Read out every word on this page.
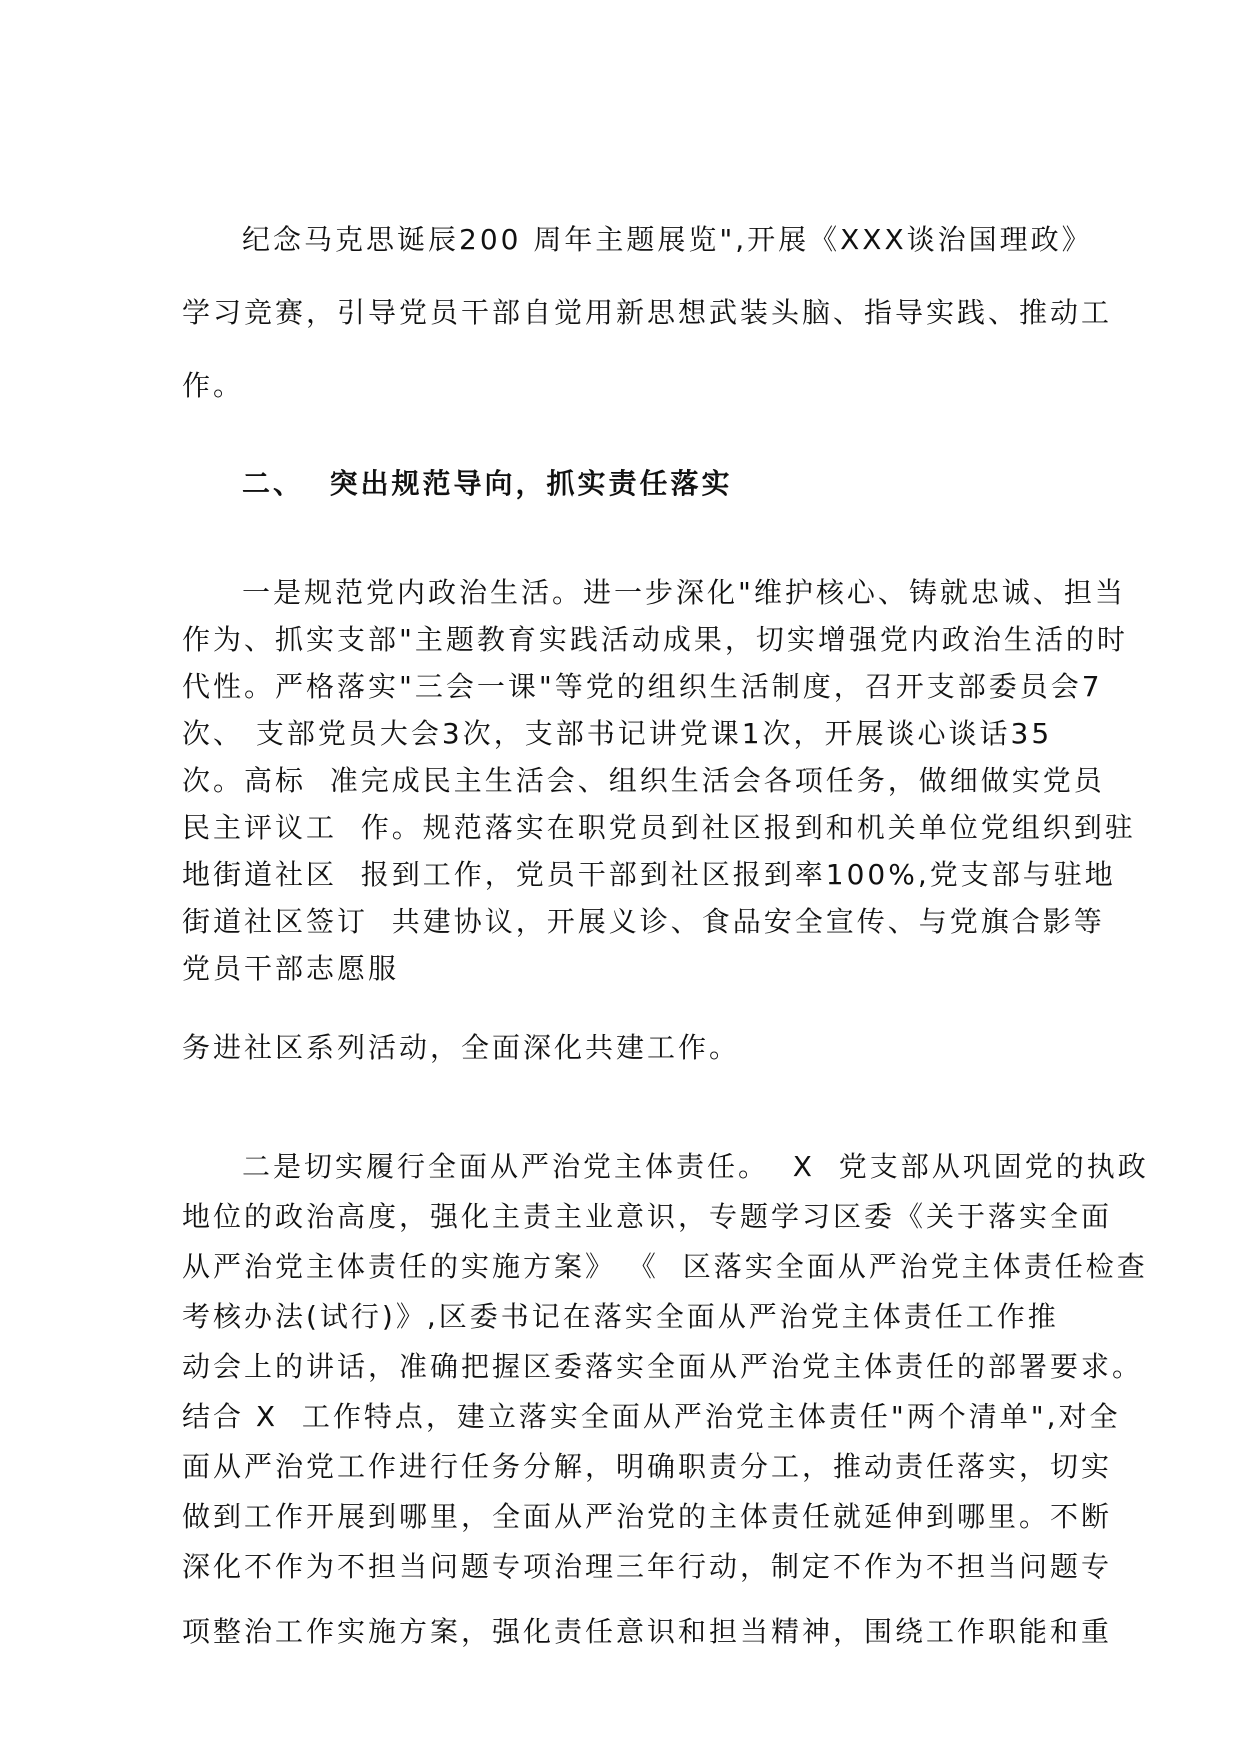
纪念马克思诞辰200 周年主题展览",开展《XXX谈治国理政》
学习竞赛，引导党员干部自觉用新思想武装头脑、指导实践、推动工
作。
二、  突出规范导向，抓实责任落实
一是规范党内政治生活。进一步深化"维护核心、铸就忠诚、担当
作为、抓实支部"主题教育实践活动成果，切实增强党内政治生活的时
代性。严格落实"三会一课"等党的组织生活制度，召开支部委员会7
次、 支部党员大会3次，支部书记讲党课1次，开展谈心谈话35
次。高标  准完成民主生活会、组织生活会各项任务，做细做实党员
民主评议工  作。规范落实在职党员到社区报到和机关单位党组织到驻
地街道社区  报到工作，党员干部到社区报到率100%,党支部与驻地
街道社区签订  共建协议，开展义诊、食品安全宣传、与党旗合影等
党员干部志愿服
务进社区系列活动，全面深化共建工作。
二是切实履行全面从严治党主体责任。  X  党支部从巩固党的执政
地位的政治高度，强化主责主业意识，专题学习区委《关于落实全面
从严治党主体责任的实施方案》 《  区落实全面从严治党主体责任检查
考核办法(试行)》,区委书记在落实全面从严治党主体责任工作推
动会上的讲话，准确把握区委落实全面从严治党主体责任的部署要求。
结合 X  工作特点，建立落实全面从严治党主体责任"两个清单",对全
面从严治党工作进行任务分解，明确职责分工，推动责任落实，切实
做到工作开展到哪里，全面从严治党的主体责任就延伸到哪里。不断
深化不作为不担当问题专项治理三年行动，制定不作为不担当问题专
项整治工作实施方案，强化责任意识和担当精神，围绕工作职能和重
